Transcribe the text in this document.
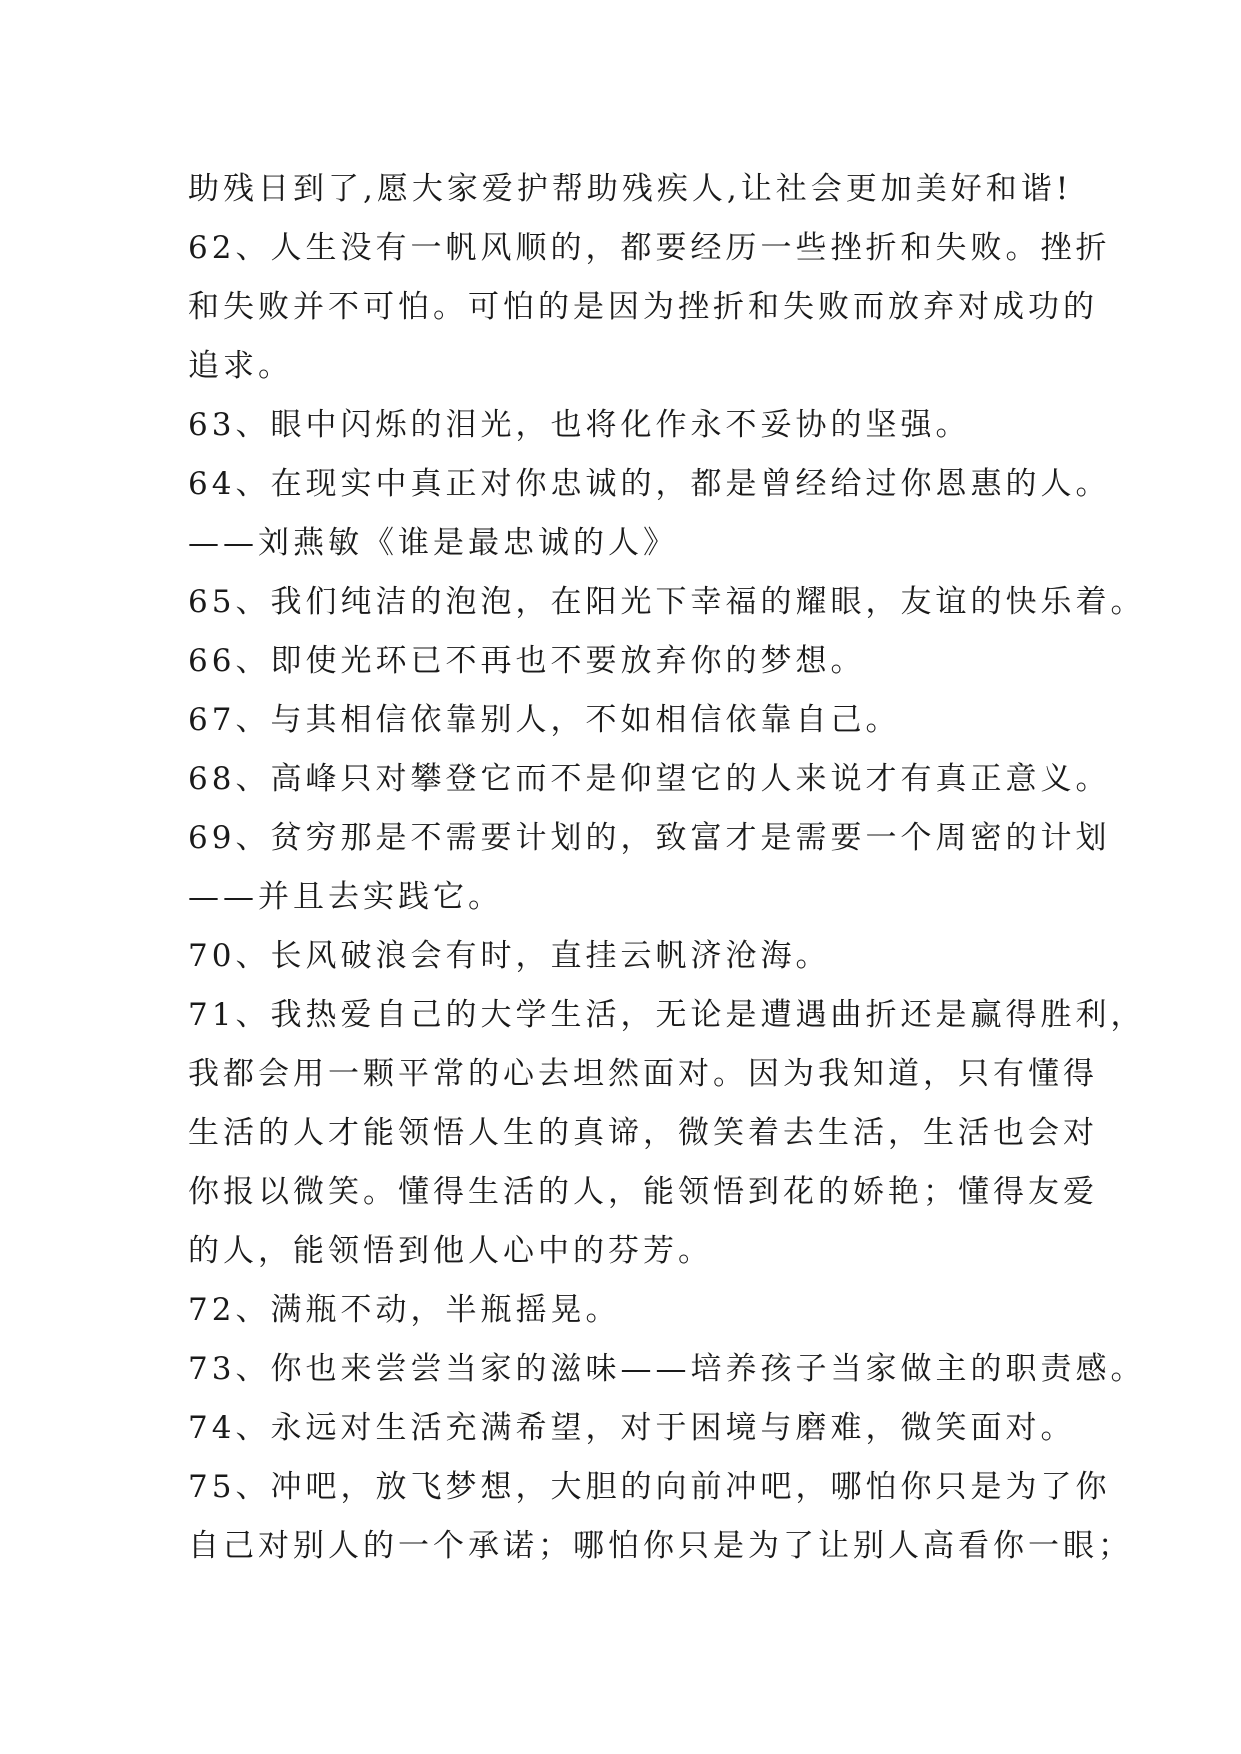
助残日到了,愿大家爱护帮助残疾人,让社会更加美好和谐!
62、人生没有一帆风顺的，都要经历一些挫折和失败。挫折
和失败并不可怕。可怕的是因为挫折和失败而放弃对成功的
追求。
63、眼中闪烁的泪光，也将化作永不妥协的坚强。
64、在现实中真正对你忠诚的，都是曾经给过你恩惠的人。
——刘燕敏《谁是最忠诚的人》
65、我们纯洁的泡泡，在阳光下幸福的耀眼，友谊的快乐着。
66、即使光环已不再也不要放弃你的梦想。
67、与其相信依靠别人，不如相信依靠自己。
68、高峰只对攀登它而不是仰望它的人来说才有真正意义。
69、贫穷那是不需要计划的，致富才是需要一个周密的计划
——并且去实践它。
70、长风破浪会有时，直挂云帆济沧海。
71、我热爱自己的大学生活，无论是遭遇曲折还是赢得胜利，
我都会用一颗平常的心去坦然面对。因为我知道，只有懂得
生活的人才能领悟人生的真谛，微笑着去生活，生活也会对
你报以微笑。懂得生活的人，能领悟到花的娇艳；懂得友爱
的人，能领悟到他人心中的芬芳。
72、满瓶不动，半瓶摇晃。
73、你也来尝尝当家的滋味——培养孩子当家做主的职责感。
74、永远对生活充满希望，对于困境与磨难，微笑面对。
75、冲吧，放飞梦想，大胆的向前冲吧，哪怕你只是为了你
自己对别人的一个承诺；哪怕你只是为了让别人高看你一眼；
